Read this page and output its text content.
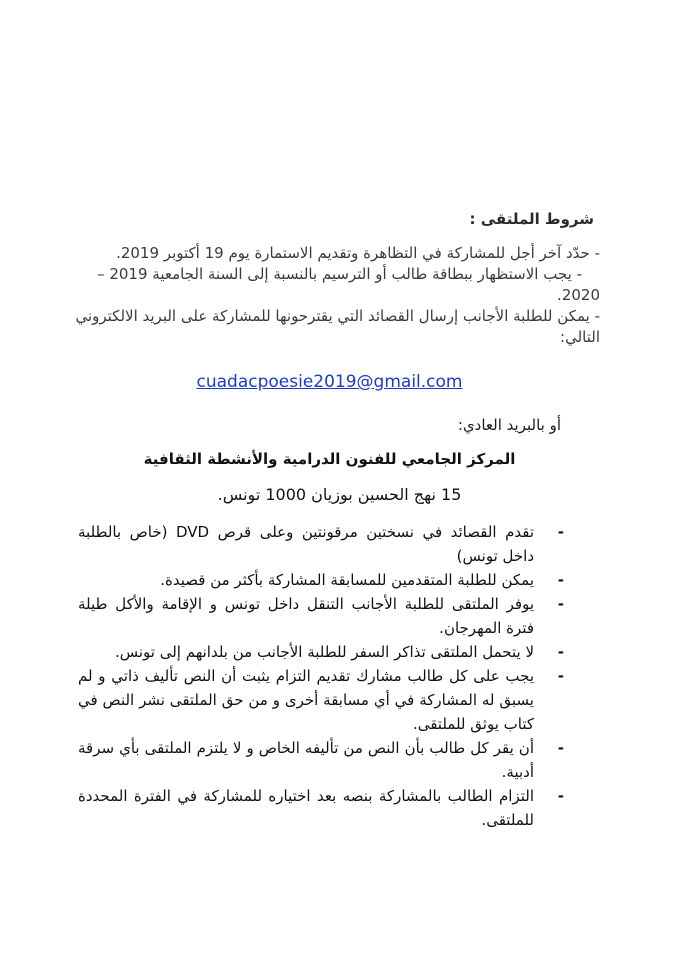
شروط الملتقى :
- حدّد آخر أجل للمشاركة في التظاهرة وتقديم الاستمارة يوم 19 أكتوبر 2019.
- يجب الاستظهار ببطاقة طالب أو الترسيم بالنسبة إلى السنة الجامعية 2019 –
2020.
- يمكن للطلبة الأجانب إرسال القصائد التي يقترحونها للمشاركة على البريد الالكتروني
التالي:
cuadacpoesie2019@gmail.com
أو بالبريد العادي:
المركز الجامعي للفنون الدرامية والأنشطة الثقافية
15 نهج الحسين بوزيان 1000 تونس.
-
تقدم القصائد في نسختين مرقونتين وعلى قرص DVD (خاص بالطلبة داخل تونس)
-
يمكن للطلبة المتقدمين للمسابقة المشاركة بأكثر من قصيدة.
-
يوفر الملتقى للطلبة الأجانب التنقل داخل تونس و الإقامة والأكل طيلة فترة المهرجان.
-
لا يتحمل الملتقى تذاكر السفر للطلبة الأجانب من بلدانهم إلى تونس.
-
يجب على كل طالب مشارك تقديم التزام يثبت أن النص تأليف ذاتي و لم يسبق له المشاركة في أي مسابقة أخرى و من حق الملتقى نشر النص في كتاب يوثق للملتقى.
-
أن يقر كل طالب بأن النص من تأليفه الخاص و لا يلتزم الملتقى بأي سرقة أدبية.
-
التزام الطالب بالمشاركة بنصه بعد اختياره للمشاركة في الفترة المحددة للملتقى.
